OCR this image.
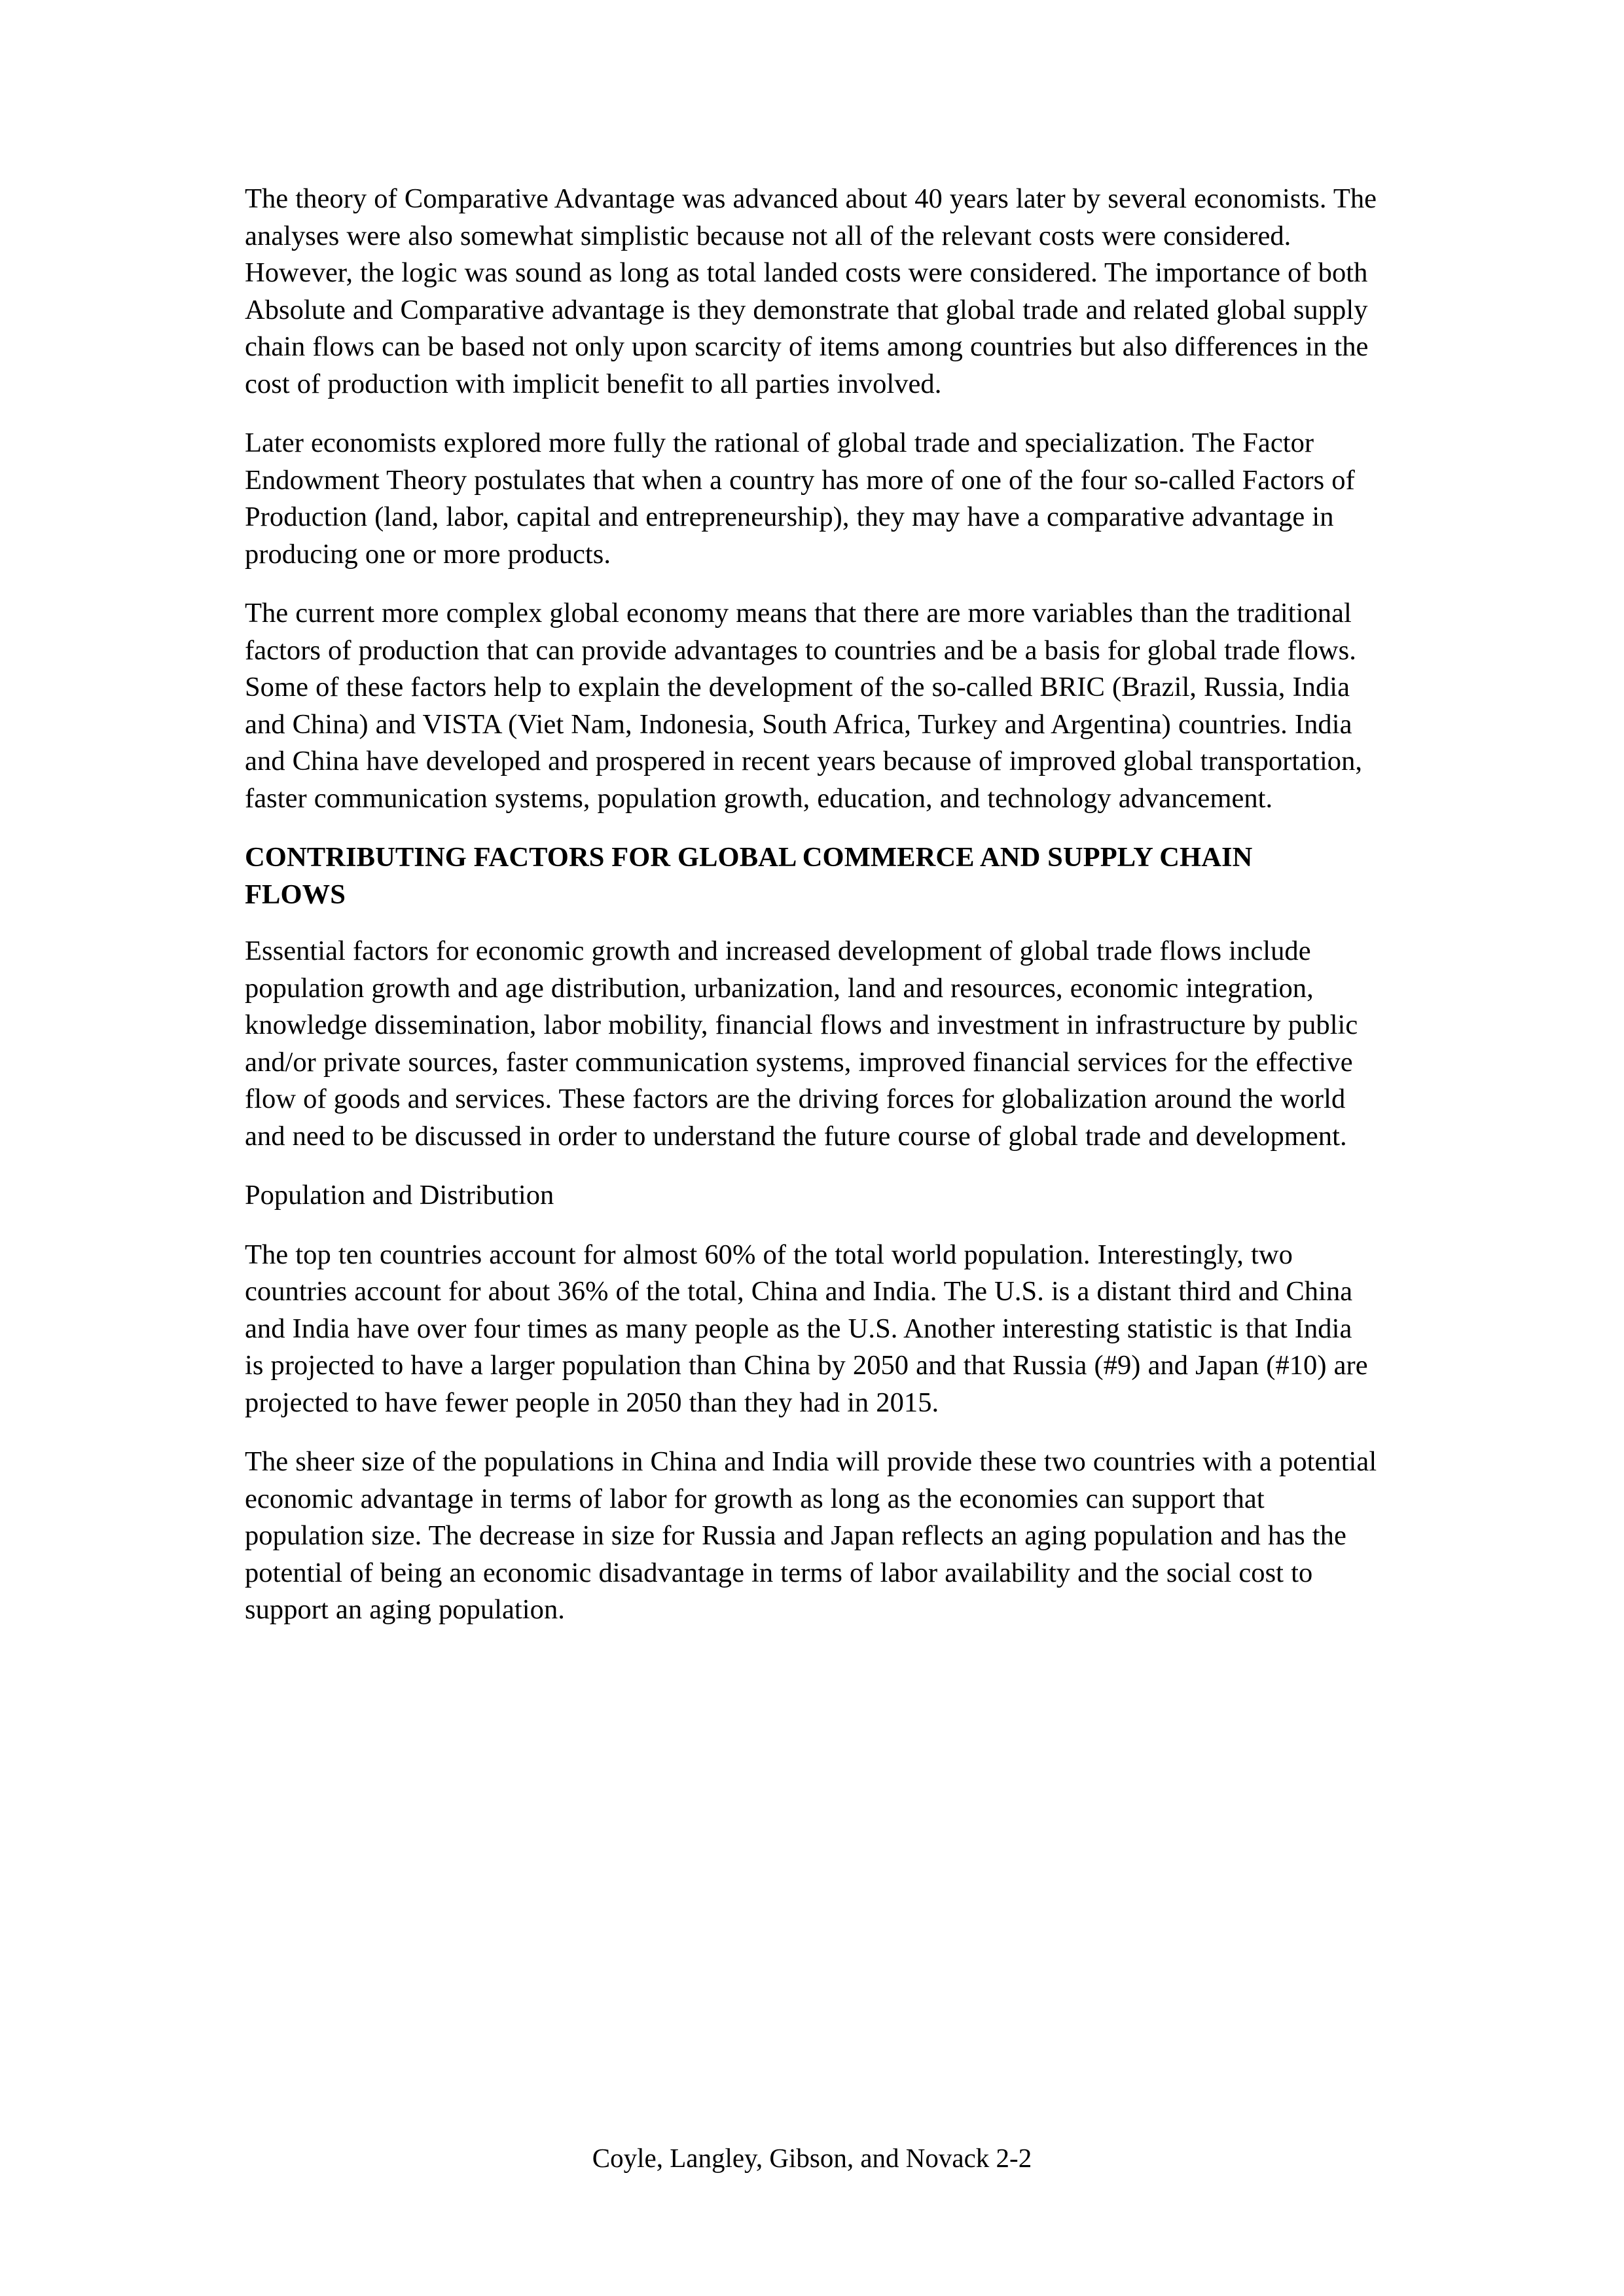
The theory of Comparative Advantage was advanced about 40 years later by several economists. The analyses were also somewhat simplistic because not all of the relevant costs were considered. However, the logic was sound as long as total landed costs were considered. The importance of both Absolute and Comparative advantage is they demonstrate that global trade and related global supply chain flows can be based not only upon scarcity of items among countries but also differences in the cost of production with implicit benefit to all parties involved.

Later economists explored more fully the rational of global trade and specialization. The Factor Endowment Theory postulates that when a country has more of one of the four so-called Factors of Production (land, labor, capital and entrepreneurship), they may have a comparative advantage in producing one or more products.

The current more complex global economy means that there are more variables than the traditional factors of production that can provide advantages to countries and be a basis for global trade flows. Some of these factors help to explain the development of the so-called BRIC (Brazil, Russia, India and China) and VISTA (Viet Nam, Indonesia, South Africa, Turkey and Argentina) countries. India and China have developed and prospered in recent years because of improved global transportation, faster communication systems, population growth, education, and technology advancement.

CONTRIBUTING FACTORS FOR GLOBAL COMMERCE AND SUPPLY CHAIN FLOWS

Essential factors for economic growth and increased development of global trade flows include population growth and age distribution, urbanization, land and resources, economic integration, knowledge dissemination, labor mobility, financial flows and investment in infrastructure by public and/or private sources, faster communication systems, improved financial services for the effective flow of goods and services. These factors are the driving forces for globalization around the world and need to be discussed in order to understand the future course of global trade and development.

Population and Distribution

The top ten countries account for almost 60% of the total world population. Interestingly, two countries account for about 36% of the total, China and India. The U.S. is a distant third and China and India have over four times as many people as the U.S. Another interesting statistic is that India is projected to have a larger population than China by 2050 and that Russia (#9) and Japan (#10) are projected to have fewer people in 2050 than they had in 2015.

The sheer size of the populations in China and India will provide these two countries with a potential economic advantage in terms of labor for growth as long as the economies can support that population size. The decrease in size for Russia and Japan reflects an aging population and has the potential of being an economic disadvantage in terms of labor availability and the social cost to support an aging population.

Coyle, Langley, Gibson, and Novack 2-2
